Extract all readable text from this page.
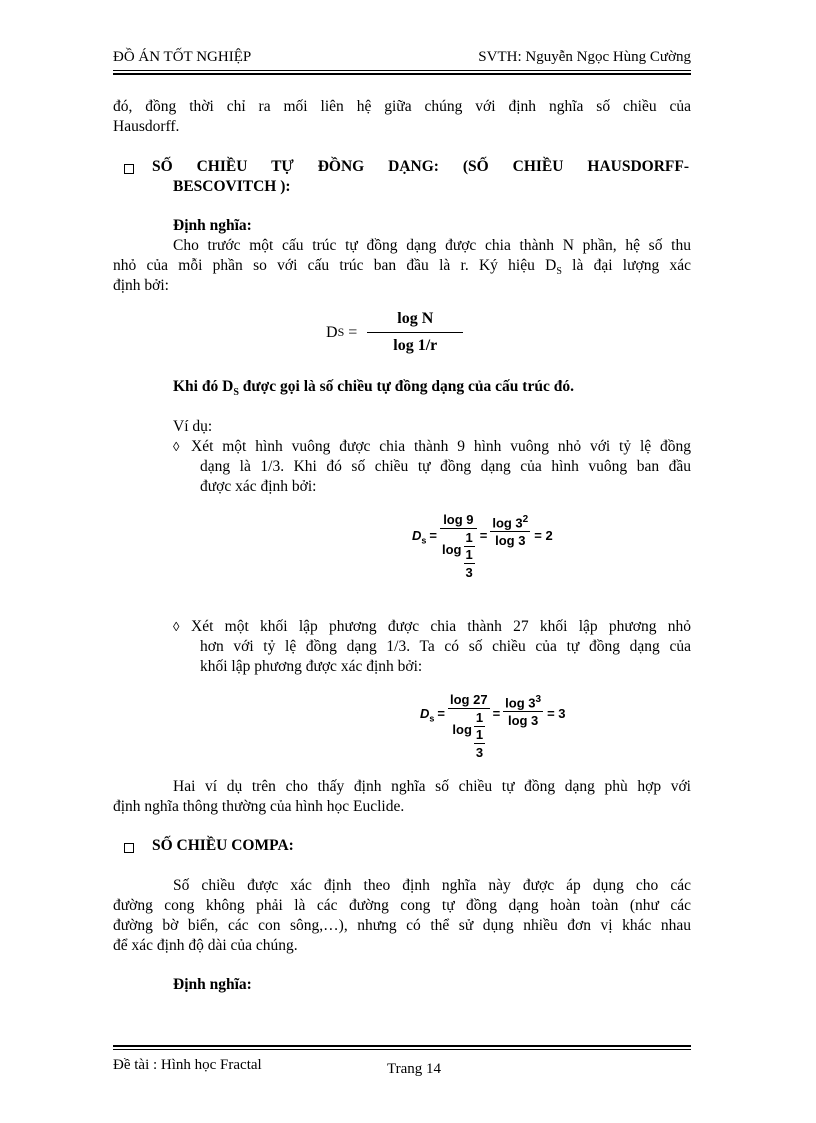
ĐỒ ÁN TỐT NGHIỆP	SVTH: Nguyễn Ngọc Hùng Cường
đó, đồng thời chỉ ra mối liên hệ giữa chúng với định nghĩa số chiều của
Hausdorff.
SỐ CHIỀU TỰ ĐỒNG DẠNG: (SỐ CHIỀU HAUSDORFF-
BESCOVITCH ):
Định nghĩa:
Cho trước một cấu trúc tự đồng dạng được chia thành N phần, hệ số thu
nhỏ của mỗi phần so với cấu trúc ban đầu là r. Ký hiệu $D_S$ là đại lượng xác
định bởi:
D $S = \frac{\text{log N}}{\log 1/r}$
Khi đó $D_S$ được gọi là số chiều tự đồng dạng của cấu trúc đó.
Ví dụ:
◊ Xét một hình vuông được chia thành 9 hình vuông nhỏ với tỷ lệ đồng
dạng là 1/3. Khi đó số chiều tự đồng dạng của hình vuông ban đầu
được xác định bởi:
$D_s$ =
log 9
$\log \frac{1}{\frac{1}{3}} = \frac{\log 3^2}{\log 3} = 2$
◊ Xét một khối lập phương được chia thành 27 khối lập phương nhỏ
hơn với tỷ lệ đồng dạng 1/3. Ta có số chiều của tự đồng dạng của
khối lập phương được xác định bởi:
$D_s$ =
log 27
$\log \frac{1}{\frac{1}{3}} = \frac{\log 3^3}{\log 3} = 3$
Hai ví dụ trên cho thấy định nghĩa số chiều tự đồng dạng phù hợp với
định nghĩa thông thường của hình học Euclide.
SỐ CHIỀU COMPA:
Số chiều được xác định theo định nghĩa này được áp dụng cho các
đường cong không phải là các đường cong tự đồng dạng hoàn toàn (như các
đường bờ biển, các con sông,…), nhưng có thể sử dụng nhiều đơn vị khác nhau
để xác định độ dài của chúng.
Định nghĩa:
Đề tài : Hình học Fractal	Trang 14
